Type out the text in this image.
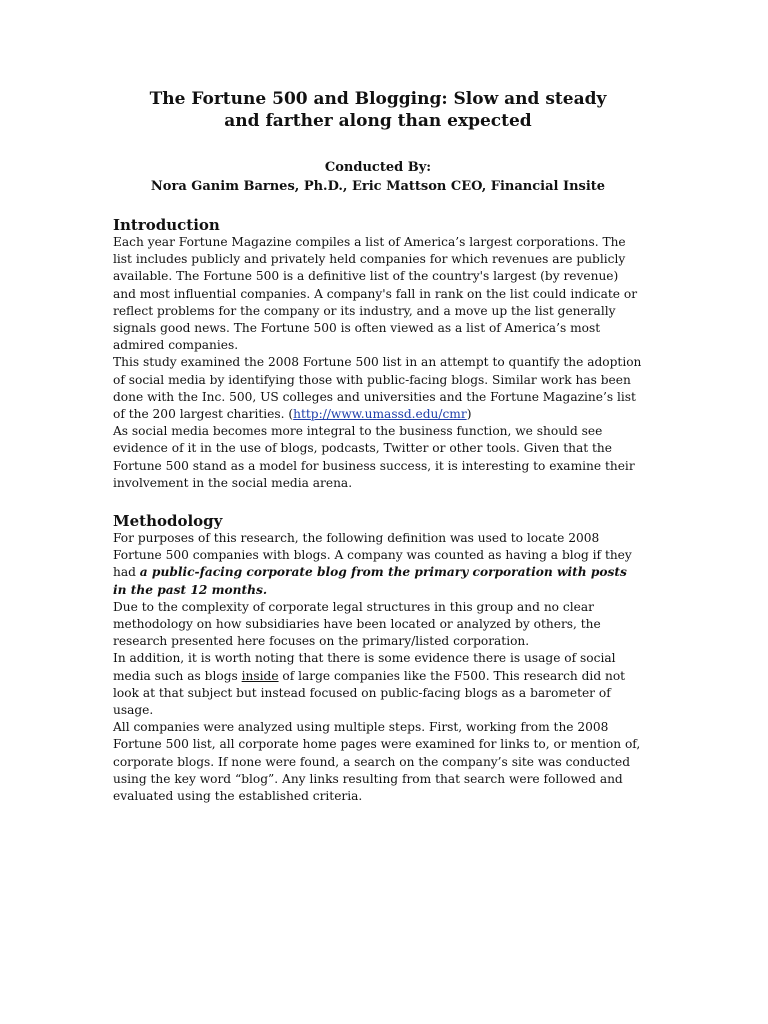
The Fortune 500 and Blogging: Slow and steady
and farther along than expected
Conducted By:
Nora Ganim Barnes, Ph.D., Eric Mattson CEO, Financial Insite
Introduction

Each year Fortune Magazine compiles a list of America’s largest corporations. The list includes publicly and privately held companies for which revenues are publicly available. The Fortune 500 is a definitive list of the country's largest (by revenue) and most influential companies. A company's fall in rank on the list could indicate or reflect problems for the company or its industry, and a move up the list generally signals good news. The Fortune 500 is often viewed as a list of America’s most admired companies.

This study examined the 2008 Fortune 500 list in an attempt to quantify the adoption of social media by identifying those with public-facing blogs. Similar work has been done with the Inc. 500, US colleges and universities and the Fortune Magazine’s list of the 200 largest charities. (http://www.umassd.edu/cmr)

As social media becomes more integral to the business function, we should see evidence of it in the use of blogs, podcasts, Twitter or other tools. Given that the Fortune 500 stand as a model for business success, it is interesting to examine their involvement in the social media arena.

Methodology

For purposes of this research, the following definition was used to locate 2008 Fortune 500 companies with blogs. A company was counted as having a blog if they had a public-facing corporate blog from the primary corporation with posts in the past 12 months.

Due to the complexity of corporate legal structures in this group and no clear methodology on how subsidiaries have been located or analyzed by others, the research presented here focuses on the primary/listed corporation.

In addition, it is worth noting that there is some evidence there is usage of social media such as blogs inside of large companies like the F500. This research did not look at that subject but instead focused on public-facing blogs as a barometer of usage.

All companies were analyzed using multiple steps. First, working from the 2008 Fortune 500 list, all corporate home pages were examined for links to, or mention of, corporate blogs. If none were found, a search on the company’s site was conducted using the key word “blog”. Any links resulting from that search were followed and evaluated using the established criteria.
